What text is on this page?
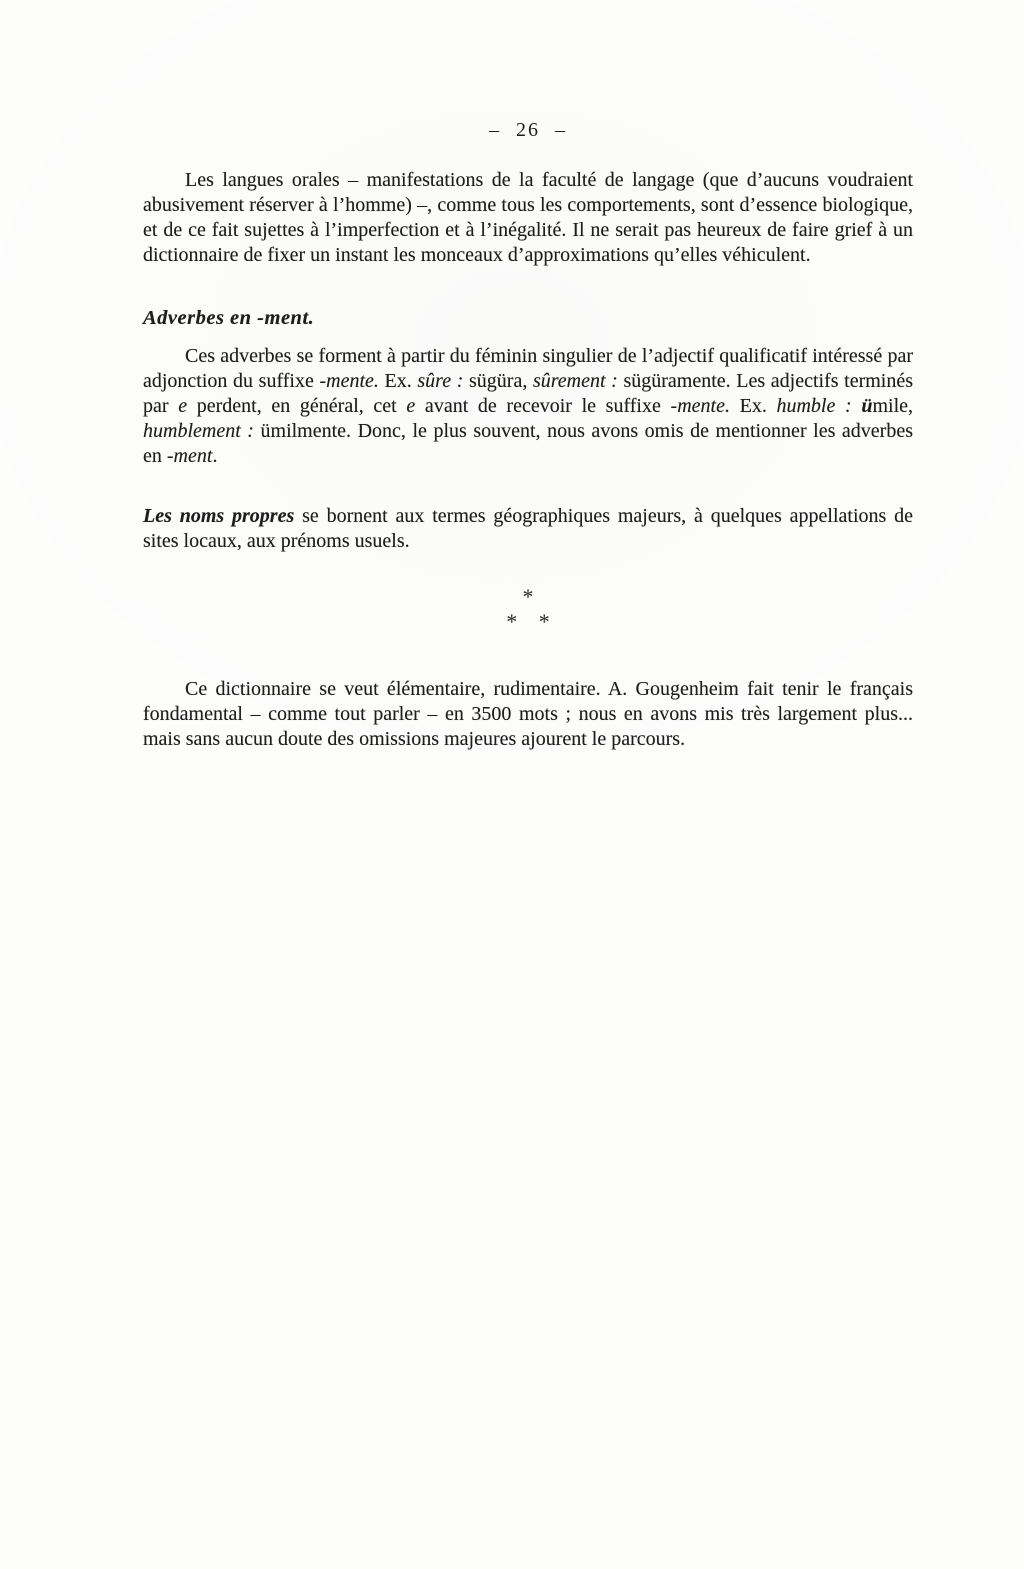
– 26 –

Les langues orales – manifestations de la faculté de langage (que d’aucuns voudraient abusivement réserver à l’homme) –, comme tous les comportements, sont d’essence biologique, et de ce fait sujettes à l’imperfection et à l’inégalité. Il ne serait pas heureux de faire grief à un dictionnaire de fixer un instant les monceaux d’approximations qu’elles véhiculent.

Adverbes en -ment.

Ces adverbes se forment à partir du féminin singulier de l’adjectif qualificatif intéressé par adjonction du suffixe -mente. Ex. sûre : sügüra, sûrement : sügüramente. Les adjectifs terminés par e perdent, en général, cet e avant de recevoir le suffixe -mente. Ex. humble : ümile, humblement : ümilmente. Donc, le plus souvent, nous avons omis de mentionner les adverbes en -ment.

Les noms propres se bornent aux termes géographiques majeurs, à quelques appellations de sites locaux, aux prénoms usuels.

*
* *

Ce dictionnaire se veut élémentaire, rudimentaire. A. Gougenheim fait tenir le français fondamental – comme tout parler – en 3500 mots ; nous en avons mis très largement plus... mais sans aucun doute des omissions majeures ajourent le parcours.
